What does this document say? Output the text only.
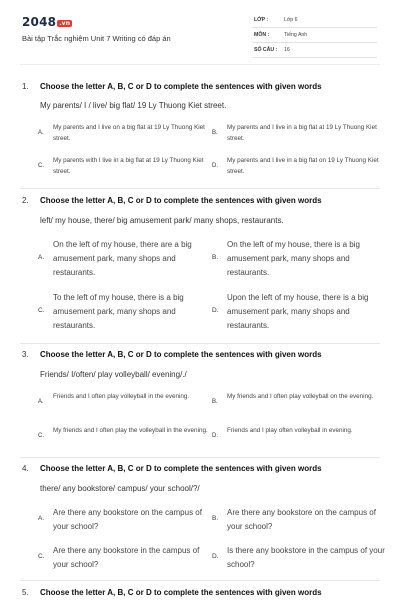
2048 .vn
Bài tập Trắc nghiệm Unit 7 Writing có đáp án
LỚP :	Lớp 6
MÔN :	Tiếng Anh
SỐ CÂU : 16
1. Choose the letter A, B, C or D to complete the sentences with given words
My parents/ I / live/ big flat/ 19 Ly Thuong Kiet street.
A.
My parents and I live on a big flat at 19 Ly Thuong Kiet street.
B.
My parents and I live in a big flat at 19 Ly Thuong Kiet street.
C.
My parents with I live in a big flat at 19 Ly Thuong Kiet street.
D.
My parents and I live in a big flat on 19 Ly Thuong Kiet street.
2. Choose the letter A, B, C or D to complete the sentences with given words
left/ my house, there/ big amusement park/ many shops, restaurants.
A.
On the left of my house, there are a big amusement park, many shops and restaurants.
B.
On the left of my house, there is a big amusement park, many shops and restaurants.
C.
To the left of my house, there is a big amusement park, many shops and restaurants.
D.
Upon the left of my house, there is a big amusement park, many shops and restaurants.
3. Choose the letter A, B, C or D to complete the sentences with given words
Friends/ I/often/ play volleyball/ evening/./
A.
Friends and I often play volleyball in the evening.
B.
My friends and I often play volleyball on the evening.
C.
My friends and I often play the volleyball in the evening.
D.
Friends and I play often volleyball in evening.
4. Choose the letter A, B, C or D to complete the sentences with given words
there/ any bookstore/ campus/ your school/?/
A.
Are there any bookstore on the campus of your school?
B.
Are there any bookstore on the campus of your school?
C.
Are there any bookstore in the campus of your school?
D.
Is there any bookstore in the campus of your school?
5. Choose the letter A, B, C or D to complete the sentences with given words
